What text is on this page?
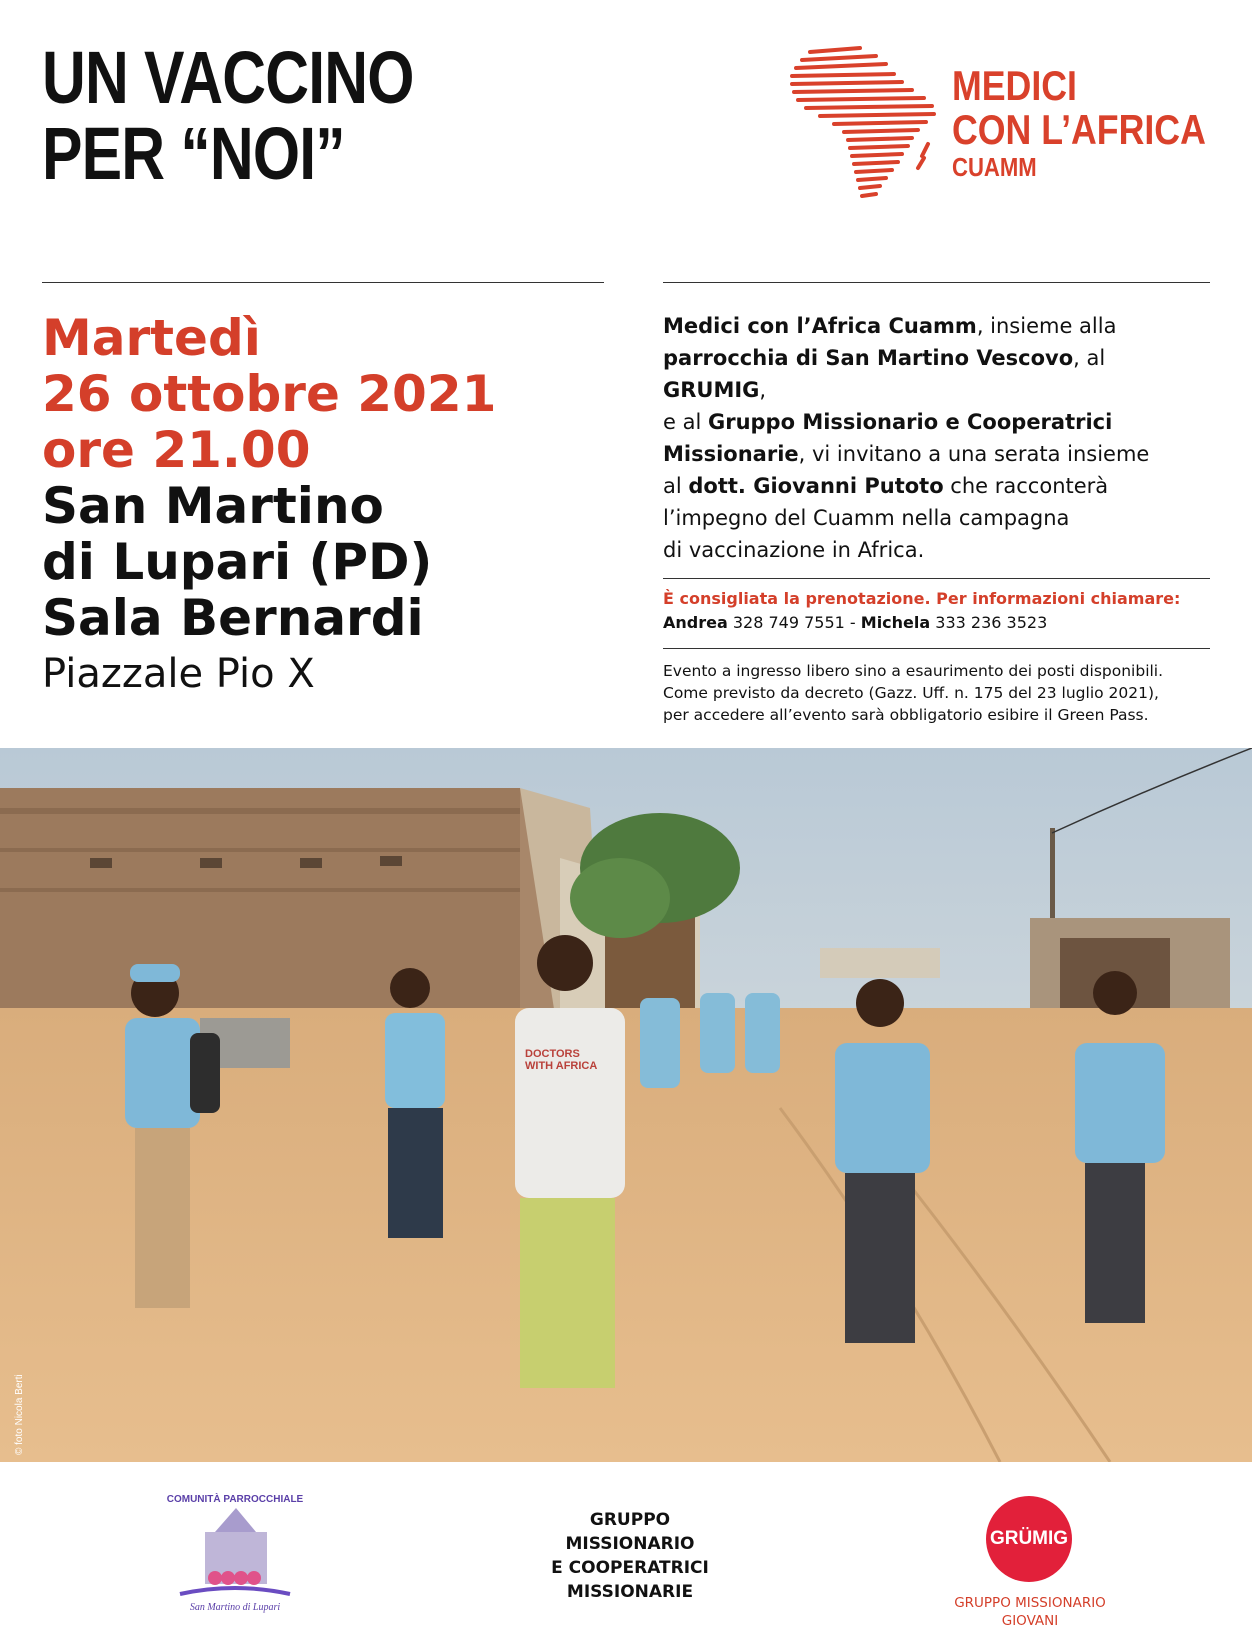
UN VACCINO
PER “NOI”
MEDICI
CON L’AFRICA
CUAMM
Martedì
26 ottobre 2021
ore 21.00
San Martino
di Lupari (PD)
Sala Bernardi
Piazzale Pio X
Medici con l’Africa Cuamm, insieme alla
parrocchia di San Martino Vescovo, al GRUMIG,
e al Gruppo Missionario e Cooperatrici
Missionarie, vi invitano a una serata insieme
al dott. Giovanni Putoto che racconterà
l’impegno del Cuamm nella campagna
di vaccinazione in Africa.
È consigliata la prenotazione. Per informazioni chiamare:
Andrea 328 749 7551 - Michela 333 236 3523
Evento a ingresso libero sino a esaurimento dei posti disponibili.
Come previsto da decreto (Gazz. Uff. n. 175 del 23 luglio 2021),
per accedere all’evento sarà obbligatorio esibire il Green Pass.
DOCTORS
WITH AFRICA
© foto Nicola Berti
COMUNITÀ PARROCCHIALE
San Martino di Lupari
GRUPPO
MISSIONARIO
E COOPERATRICI
MISSIONARIE
GRÜMIG
GRUPPO MISSIONARIO
GIOVANI
